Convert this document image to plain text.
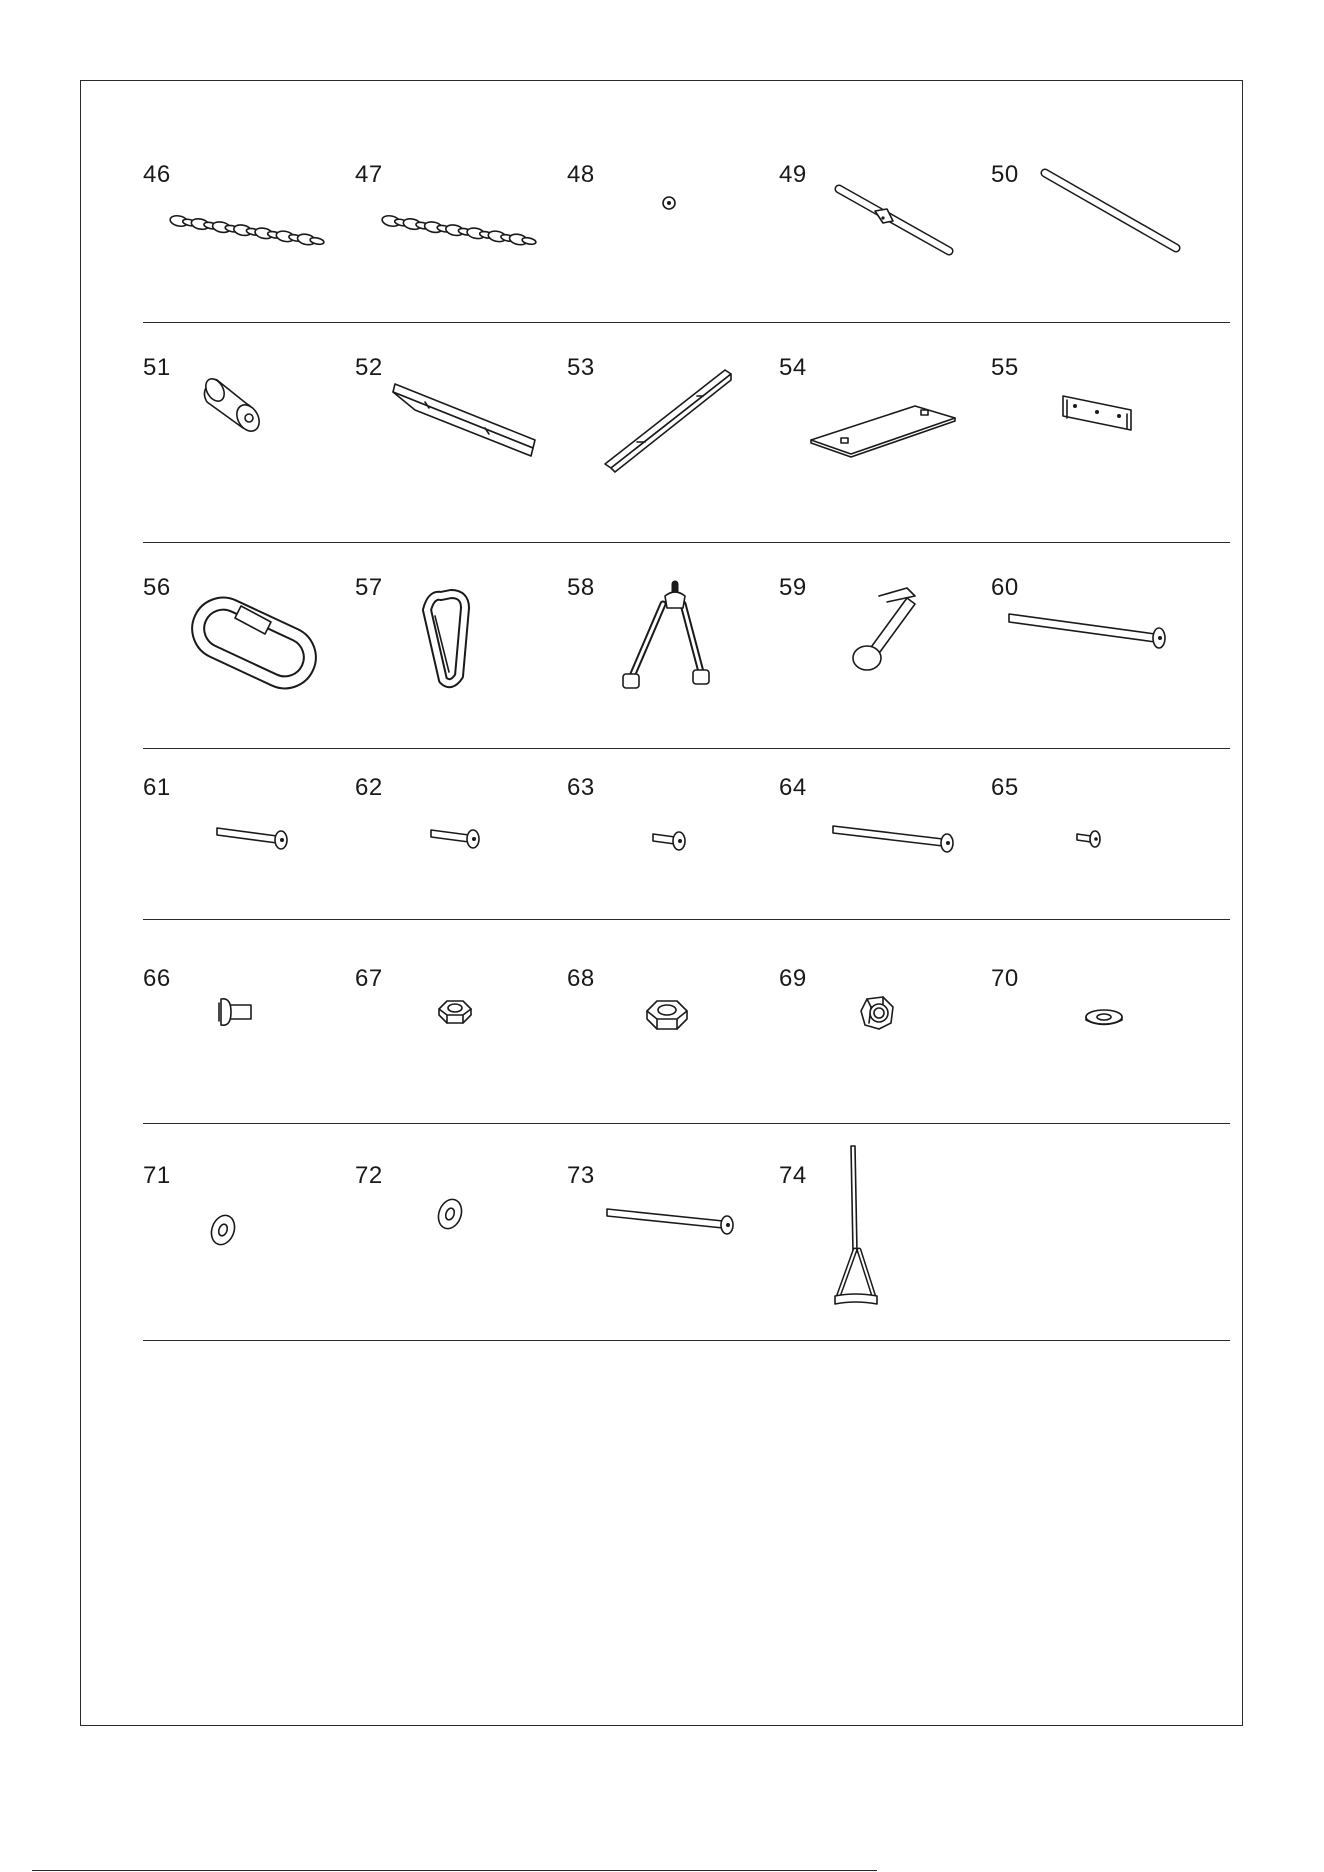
46	47	48	49	50
51	52	53	54	55
56	57	58	59	60
61	62	63	64	65
66	67	68	69	70
71	72	73	74
